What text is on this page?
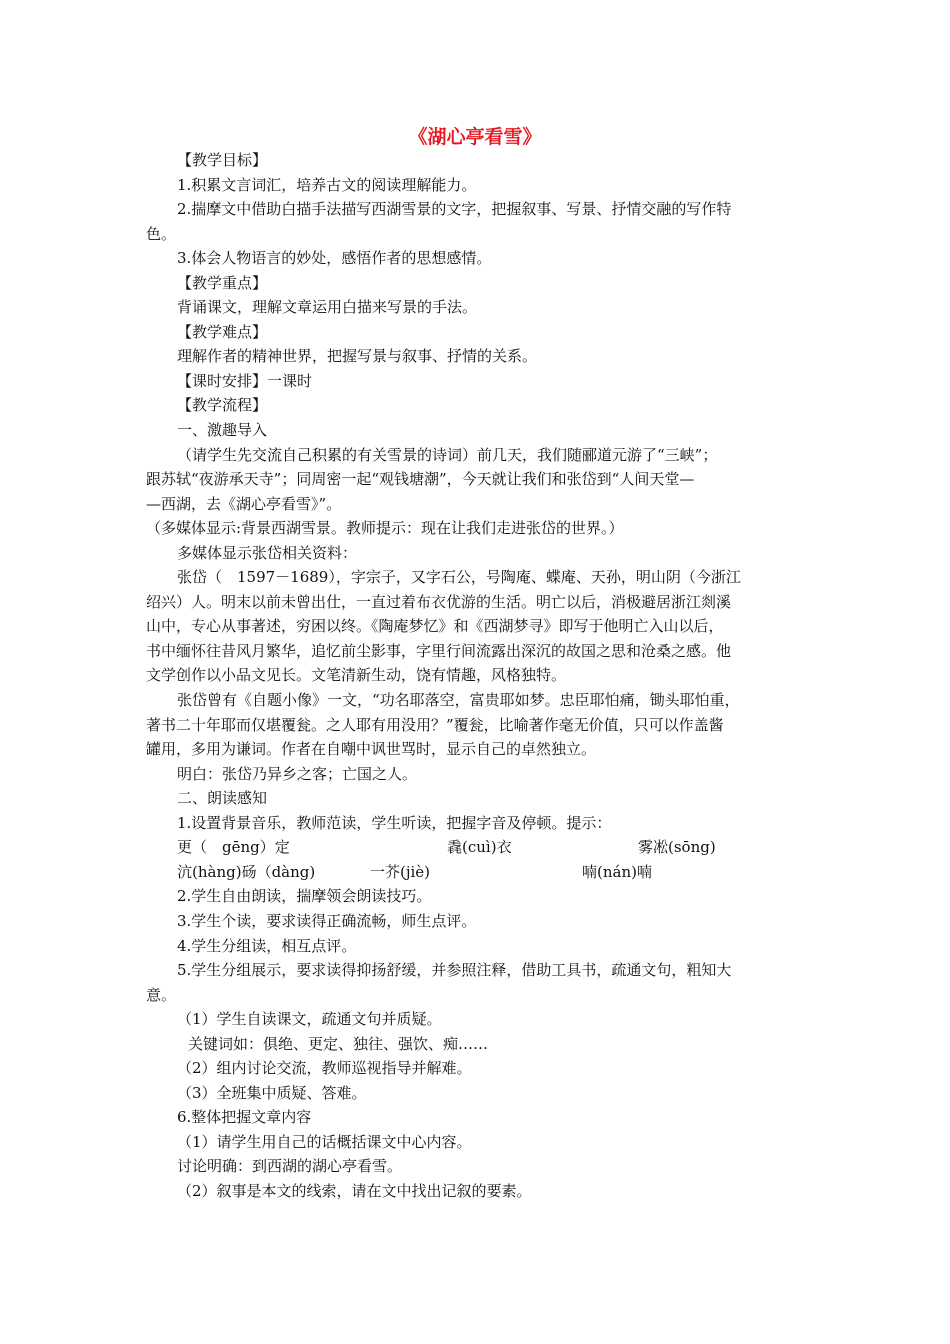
《湖心亭看雪》
【教学目标】
1.积累文言词汇，培养古文的阅读理解能力。
2.揣摩文中借助白描手法描写西湖雪景的文字，把握叙事、写景、抒情交融的写作特
色。
3.体会人物语言的妙处，感悟作者的思想感情。
【教学重点】
背诵课文，理解文章运用白描来写景的手法。
【教学难点】
理解作者的精神世界，把握写景与叙事、抒情的关系。
【课时安排】一课时
【教学流程】
一、激趣导入
（请学生先交流自己积累的有关雪景的诗词）前几天，我们随郦道元游了“三峡”；
跟苏轼“夜游承天寺”；同周密一起“观钱塘潮”，今天就让我们和张岱到“人间天堂—
—西湖，去《湖心亭看雪》”。
（多媒体显示:背景西湖雪景。教师提示：现在让我们走进张岱的世界。）
多媒体显示张岱相关资料：
张岱（　1597－1689），字宗子，又字石公，号陶庵、蝶庵、天孙，明山阴（今浙江
绍兴）人。明末以前未曾出仕，一直过着布衣优游的生活。明亡以后，消极避居浙江剡溪
山中，专心从事著述，穷困以终。《陶庵梦忆》和《西湖梦寻》即写于他明亡入山以后，
书中缅怀往昔风月繁华，追忆前尘影事，字里行间流露出深沉的故国之思和沧桑之感。他
文学创作以小品文见长。文笔清新生动，饶有情趣，风格独特。
张岱曾有《自题小像》一文，“功名耶落空，富贵耶如梦。忠臣耶怕痛，锄头耶怕重，
著书二十年耶而仅堪覆瓮。之人耶有用没用？”覆瓮，比喻著作毫无价值，只可以作盖酱
罐用，多用为谦词。作者在自嘲中讽世骂时，显示自己的卓然独立。
明白：张岱乃异乡之客；亡国之人。
二、朗读感知
1.设置背景音乐，教师范读，学生听读，把握字音及停顿。提示：
更（　gēng）定	毳(cuì)衣	雾凇(sōng)
沆(hàng)砀（dàng)	一芥(jiè)	喃(nán)喃
2.学生自由朗读，揣摩领会朗读技巧。
3.学生个读，要求读得正确流畅，师生点评。
4.学生分组读，相互点评。
5.学生分组展示，要求读得抑扬舒缓，并参照注释，借助工具书，疏通文句，粗知大
意。
（1）学生自读课文，疏通文句并质疑。
关键词如：俱绝、更定、独往、强饮、痴……
（2）组内讨论交流，教师巡视指导并解难。
（3）全班集中质疑、答难。
6.整体把握文章内容
（1）请学生用自己的话概括课文中心内容。
讨论明确：到西湖的湖心亭看雪。
（2）叙事是本文的线索，请在文中找出记叙的要素。
